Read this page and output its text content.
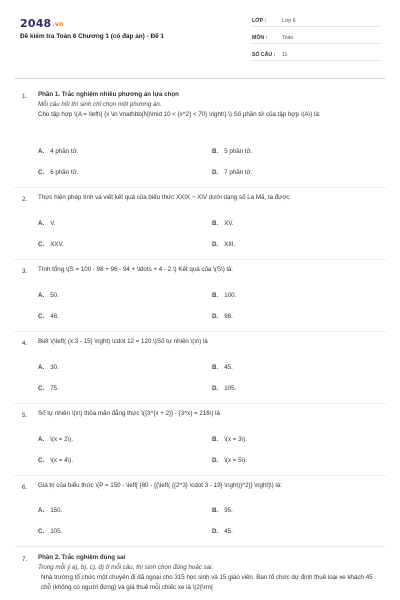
2048.vn
Đề kiểm tra Toán 6 Chương 1 (có đáp án) - Đề 1
LỚP :	Lớp 6
MÔN :	Toán
SỐ CÂU :	11
1. Phần 1. Trắc nghiệm nhiều phương án lựa chọn
Mỗi câu hỏi thí sinh chỉ chọn một phương án.
Cho tập hợp \(A = \left\{ {x \in \mathbb{N}\mid 10 < {x^2} < 70} \right\}.\) Số phần tử của tập hợp \(A\) là:
A. 4 phần tử.	B. 5 phần tử.
C. 6 phần tử.	D. 7 phần tử.
2. Thực hiện phép tính và viết kết quả của biểu thức XXIX − XIV dưới dạng số La Mã, ta được
A. V.	B. XV.
C. XXV.	D. XIII.
3. Tính tổng \(S = 100 - 98 + 96 - 94 + \ldots + 4 - 2.\) Kết quả của \(S\) là:
A. 50.	B. 100.
C. 48.	D. 98.
4. Biết \(\left( {x:3 - 15} \right) \cdot 12 = 120.\)Số tự nhiên \(x\) là
A. 30.	B. 45.
C. 75.	D. 105.
5. Số tự nhiên \(x\) thỏa mãn đẳng thức \({3^{x + 2}} - {3^x} = 216\) là
A. \(x = 2\).	B. \(x = 3\).
C. \(x = 4\).	D. \(x = 5\).
6. Giá trị của biểu thức \(P = 150 - \left[ {80 - {{\left( {{2^3} \cdot 3 - 19} \right)}^2}} \right]\) là:
A. 150.	B. 95.
C. 105.	D. 45.
7. Phần 2. Trắc nghiệm đúng sai
Trong mỗi ý a), b), c), d) ở mỗi câu, thí sinh chọn đúng hoặc sai.
Nhà trường tổ chức một chuyến đi dã ngoại cho 315 học sinh và 15 giáo viên. Ban tổ chức dự định thuê loại xe khách 45 chỗ (không có người đứng) và giá thuê mỗi chiếc xe là \(2{\rm{
